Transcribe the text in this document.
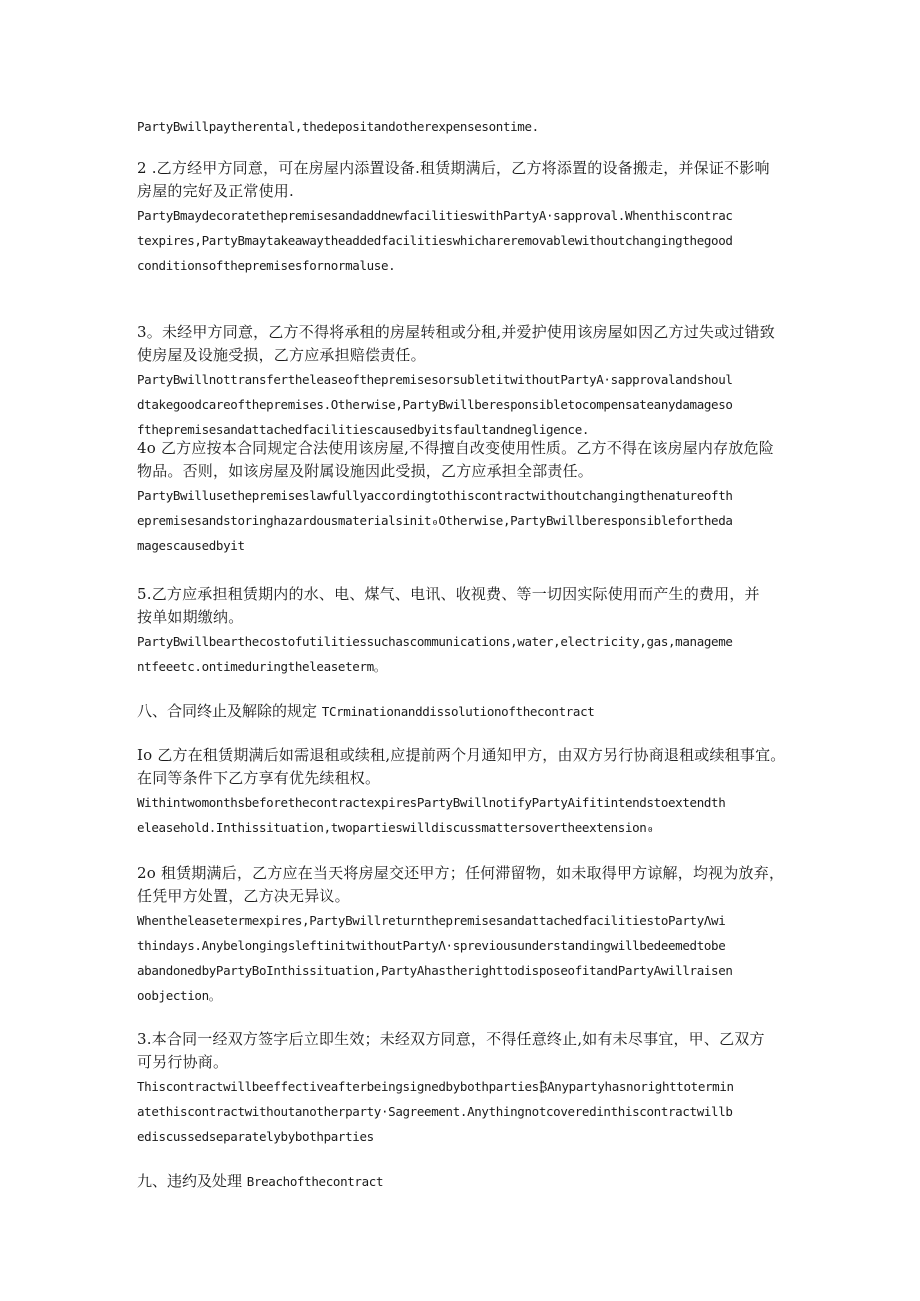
PartyBwillpaytherental,thedepositandotherexpensesontime.

2 .乙方经甲方同意，可在房屋内添置设备.租赁期满后，乙方将添置的设备搬走，并保证不影响
房屋的完好及正常使用.

PartyBmaydecoratethepremisesandaddnewfacilitieswithPartyA·sapproval.Whenthiscontrac
texpires,PartyBmaytakeawaytheaddedfacilitieswhichareremovablewithoutchangingthegood
conditionsofthepremisesfornormaluse.

3。未经甲方同意，乙方不得将承租的房屋转租或分租,并爱护使用该房屋如因乙方过失或过错致
使房屋及设施受损，乙方应承担赔偿责任。

PartyBwillnottransfertheleaseofthepremisesorsubletitwithoutPartyA·sapprovalandshoul
dtakegoodcareofthepremises.Otherwise,PartyBwillberesponsibletocompensateanydamageso
fthepremisesandattachedfacilitiescausedbyitsfaultandnegligence.

4o 乙方应按本合同规定合法使用该房屋,不得擅自改变使用性质。乙方不得在该房屋内存放危险
物品。否则，如该房屋及附属设施因此受损，乙方应承担全部责任。

PartyBwillusethepremiseslawfullyaccordingtothiscontractwithoutchangingthenatureofth
epremisesandstoringhazardousmaterialsinit₀Otherwise,PartyBwillberesponsiblefortheda
magescausedbyit

5.乙方应承担租赁期内的水、电、煤气、电讯、收视费、等一切因实际使用而产生的费用，并
按单如期缴纳。

PartyBwillbearthecostofutilitiessuchascommunications,water,electricity,gas,manageme
ntfeeetc.ontimeduringtheleaseterm。

八、合同终止及解除的规定 TCrminationanddissolutionofthecontract

Io 乙方在租赁期满后如需退租或续租,应提前两个月通知甲方，由双方另行协商退租或续租事宜。
在同等条件下乙方享有优先续租权。

WithintwomonthsbeforethecontractexpiresPartyBwillnotifyPartyAifitintendstoextendth
eleasehold.Inthissituation,twopartieswilldiscussmattersovertheextension₀

2o 租赁期满后，乙方应在当天将房屋交还甲方；任何滞留物，如未取得甲方谅解，均视为放弃，
任凭甲方处置，乙方决无异议。

Whentheleasetermexpires,PartyBwillreturnthepremisesandattachedfacilitiestoPartyΛwi
thindays.AnybelongingsleftinitwithoutPartyΛ·spreviousunderstandingwillbedeemedtobe
abandonedbyPartyBoInthissituation,PartyAhastherighttodisposeofitandPartyAwillraisen
oobjection。

3.本合同一经双方签字后立即生效；未经双方同意，不得任意终止,如有未尽事宜，甲、乙双方
可另行协商。

Thiscontractwillbeeffectiveafterbeingsignedbybothparties₿Anypartyhasnorighttotermin
atethiscontractwithoutanotherparty·Sagreement.Anythingnotcoveredinthiscontractwillb
ediscussedseparatelybybothparties

九、违约及处理 Breachofthecontract
